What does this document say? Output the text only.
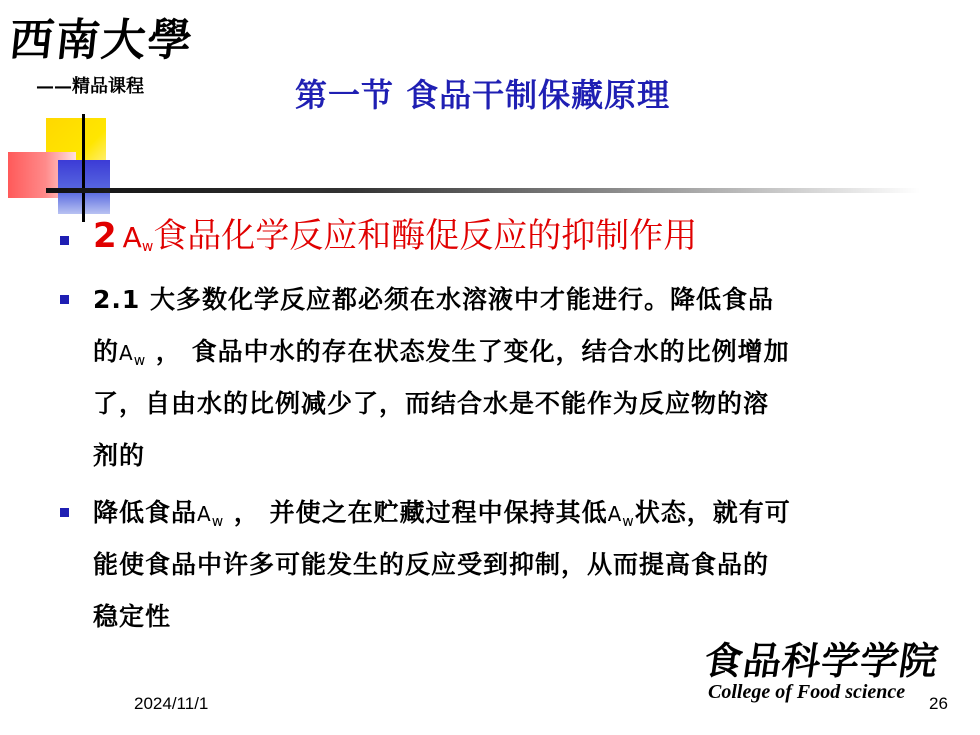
西南大學
——精品课程	第一节 食品干制保藏原理
2 $A_w$食品化学反应和酶促反应的抑制作用
2.1 大多数化学反应都必须在水溶液中才能进行。降低食品
的$A_w$ ， 食品中水的存在状态发生了变化，结合水的比例增加
了，自由水的比例减少了，而结合水是不能作为反应物的溶
剂的
降低食品$A_w$ ， 并使之在贮藏过程中保持其低$A_w$状态，就有可
能使食品中许多可能发生的反应受到抑制，从而提高食品的
稳定性
食品科学学院
College of Food science
2024/11/1	26
